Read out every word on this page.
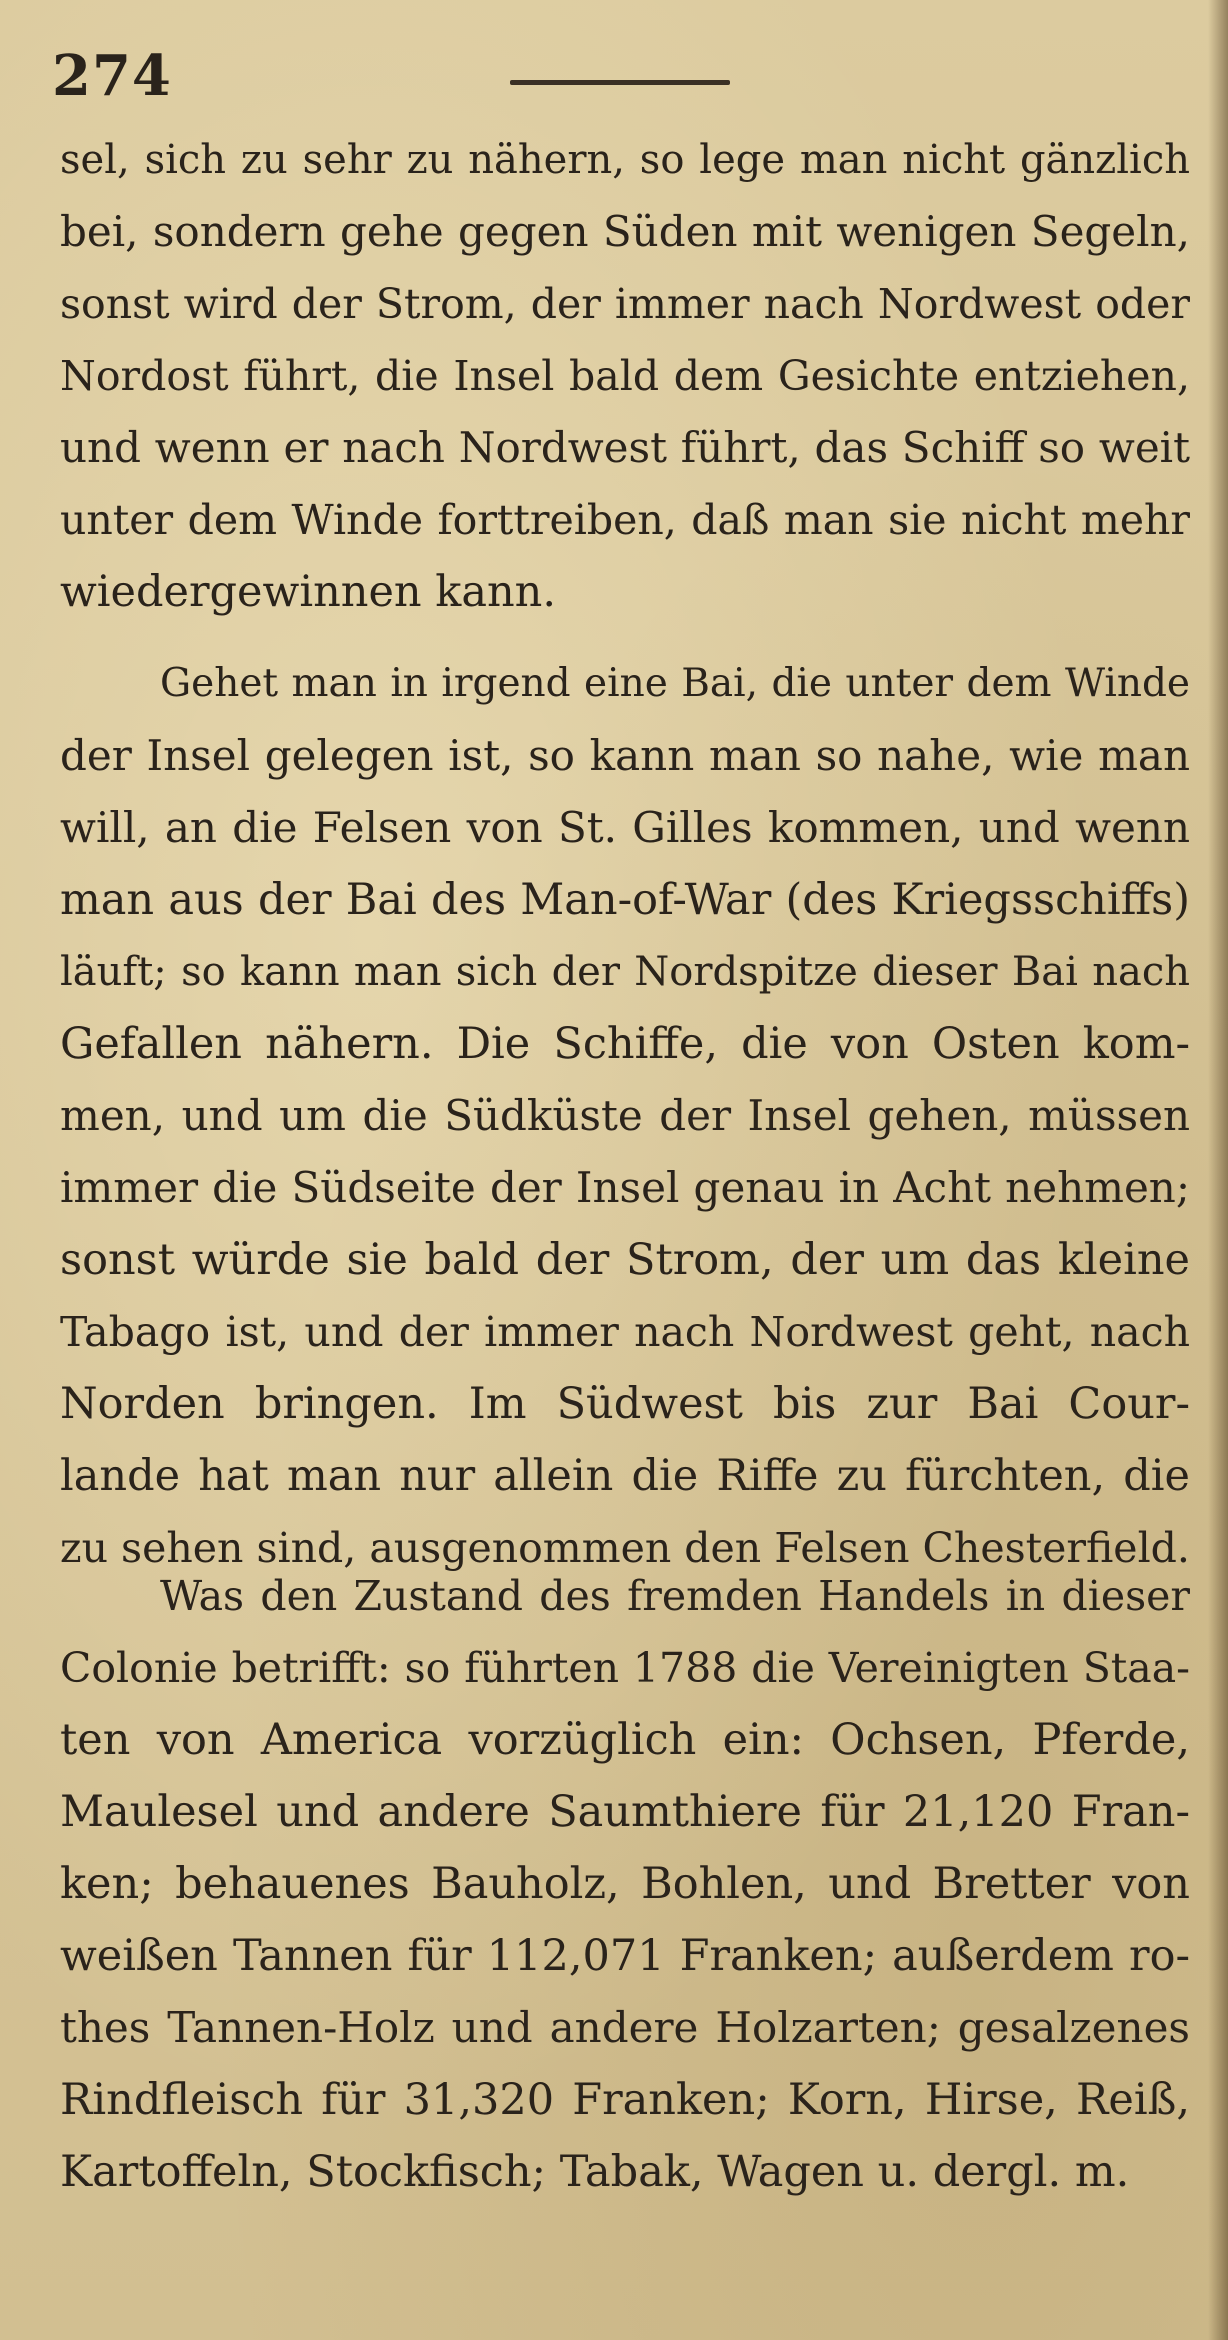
274
sel, sich zu sehr zu nähern, so lege man nicht gänzlich
bei, sondern gehe gegen Süden mit wenigen Segeln,
sonst wird der Strom, der immer nach Nordwest oder
Nordost führt, die Insel bald dem Gesichte entziehen,
und wenn er nach Nordwest führt, das Schiff so weit
unter dem Winde forttreiben, daß man sie nicht mehr
wiedergewinnen kann.
Gehet man in irgend eine Bai, die unter dem Winde
der Insel gelegen ist, so kann man so nahe, wie man
will, an die Felsen von St. Gilles kommen, und wenn
man aus der Bai des Man-of-War (des Kriegsschiffs)
läuft; so kann man sich der Nordspitze dieser Bai nach
Gefallen nähern. Die Schiffe, die von Osten kom-
men, und um die Südküste der Insel gehen, müssen
immer die Südseite der Insel genau in Acht nehmen;
sonst würde sie bald der Strom, der um das kleine
Tabago ist, und der immer nach Nordwest geht, nach
Norden bringen. Im Südwest bis zur Bai Cour-
lande hat man nur allein die Riffe zu fürchten, die
zu sehen sind, ausgenommen den Felsen Chesterfield.
Was den Zustand des fremden Handels in dieser
Colonie betrifft: so führten 1788 die Vereinigten Staa-
ten von America vorzüglich ein: Ochsen, Pferde,
Maulesel und andere Saumthiere für 21,120 Fran-
ken; behauenes Bauholz, Bohlen, und Bretter von
weißen Tannen für 112,071 Franken; außerdem ro-
thes Tannen-Holz und andere Holzarten; gesalzenes
Rindfleisch für 31,320 Franken; Korn, Hirse, Reiß,
Kartoffeln, Stockfisch; Tabak, Wagen u. dergl. m.
